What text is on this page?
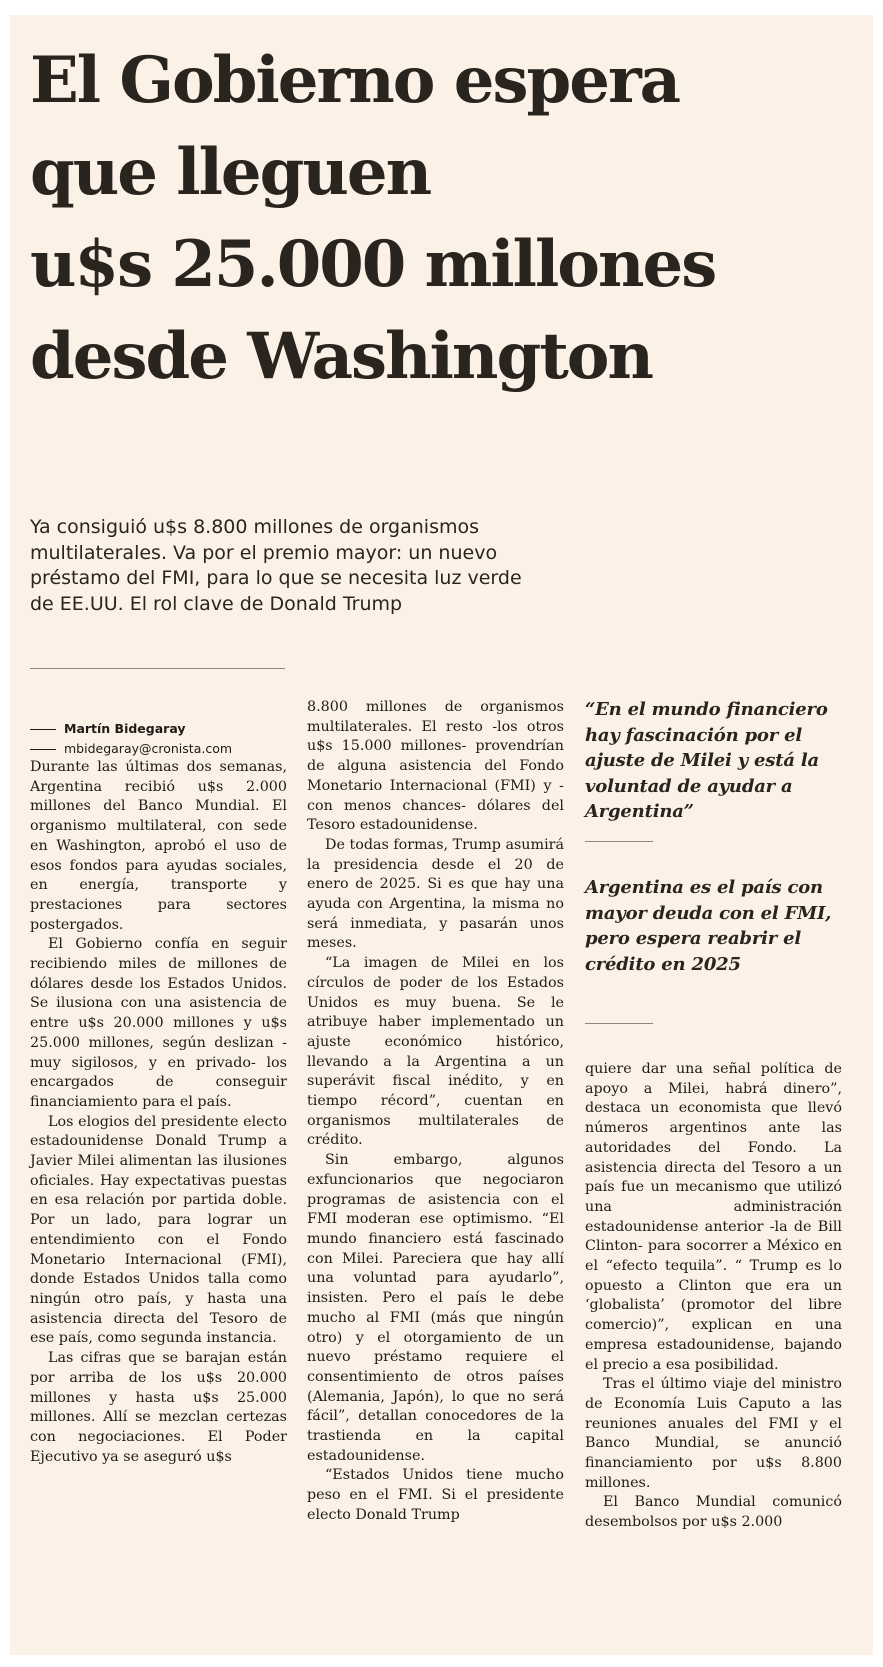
El Gobierno espera
que lleguen
u$s 25.000 millones
desde Washington
Ya consiguió u$s 8.800 millones de organismos multilaterales. Va por el premio mayor: un nuevo préstamo del FMI, para lo que se necesita luz verde de EE.UU. El rol clave de Donald Trump
Martín Bidegaray
mbidegaray@cronista.com

Durante las últimas dos semanas, Argentina recibió u$s 2.000 millones del Banco Mundial. El organismo multilateral, con sede en Washington, aprobó el uso de esos fondos para ayudas sociales, en energía, transporte y prestaciones para sectores postergados.

El Gobierno confía en seguir recibiendo miles de millones de dólares desde los Estados Unidos. Se ilusiona con una asistencia de entre u$s 20.000 millones y u$s 25.000 millones, según deslizan -muy sigilosos, y en privado- los encargados de conseguir financiamiento para el país.

Los elogios del presidente electo estadounidense Donald Trump a Javier Milei alimentan las ilusiones oficiales. Hay expectativas puestas en esa relación por partida doble. Por un lado, para lograr un entendimiento con el Fondo Monetario Internacional (FMI), donde Estados Unidos talla como ningún otro país, y hasta una asistencia directa del Tesoro de ese país, como segunda instancia.

Las cifras que se barajan están por arriba de los u$s 20.000 millones y hasta u$s 25.000 millones. Allí se mezclan certezas con negociaciones. El Poder Ejecutivo ya se aseguró u$s

8.800 millones de organismos multilaterales. El resto -los otros u$s 15.000 millones- provendrían de alguna asistencia del Fondo Monetario Internacional (FMI) y -con menos chances- dólares del Tesoro estadounidense.

De todas formas, Trump asumirá la presidencia desde el 20 de enero de 2025. Si es que hay una ayuda con Argentina, la misma no será inmediata, y pasarán unos meses.

“La imagen de Milei en los círculos de poder de los Estados Unidos es muy buena. Se le atribuye haber implementado un ajuste económico histórico, llevando a la Argentina a un superávit fiscal inédito, y en tiempo récord”, cuentan en organismos multilaterales de crédito.

Sin embargo, algunos exfuncionarios que negociaron programas de asistencia con el FMI moderan ese optimismo. “El mundo financiero está fascinado con Milei. Pareciera que hay allí una voluntad para ayudarlo”, insisten. Pero el país le debe mucho al FMI (más que ningún otro) y el otorgamiento de un nuevo préstamo requiere el consentimiento de otros países (Alemania, Japón), lo que no será fácil”, detallan conocedores de la trastienda en la capital estadounidense.

“Estados Unidos tiene mucho peso en el FMI. Si el presidente electo Donald Trump

“En el mundo financiero hay fascinación por el ajuste de Milei y está la voluntad de ayudar a Argentina”
Argentina es el país con mayor deuda con el FMI, pero espera reabrir el crédito en 2025

quiere dar una señal política de apoyo a Milei, habrá dinero”, destaca un economista que llevó números argentinos ante las autoridades del Fondo. La asistencia directa del Tesoro a un país fue un mecanismo que utilizó una administración estadounidense anterior -la de Bill Clinton- para socorrer a México en el “efecto tequila”. “ Trump es lo opuesto a Clinton que era un ‘globalista’ (promotor del libre comercio)”, explican en una empresa estadounidense, bajando el precio a esa posibilidad.

Tras el último viaje del ministro de Economía Luis Caputo a las reuniones anuales del FMI y el Banco Mundial, se anunció financiamiento por u$s 8.800 millones.

El Banco Mundial comunicó desembolsos por u$s 2.000
